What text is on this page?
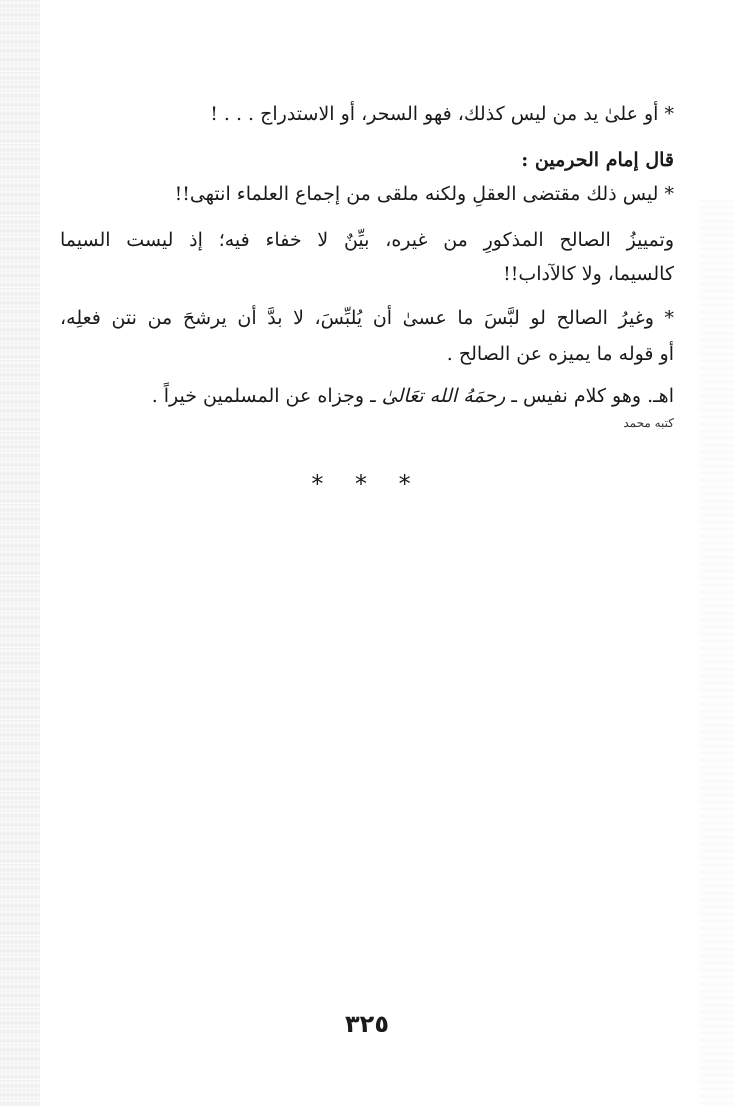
* أو علىٰ يد من ليس كذلك، فهو السحر، أو الاستدراج . . . !
قال إمام الحرمين :
* ليس ذلك مقتضى العقلِ ولكنه ملقى من إجماع العلماء انتهى!!
وتمييزُ الصالح المذكورِ من غيره، بيِّنٌ لا خفاء فيه؛ إذ ليست السيما
كالسيما، ولا كالآداب!!
* وغيرُ الصالح لو لبَّسَ ما عسىٰ أن يُلبِّسَ، لا بدَّ أن يرشحَ من نتن فعلِه،
أو قوله ما يميزه عن الصالح .
اهـ. وهو كلام نفيس ـ رحمَهُ الله تعَالىٰ ـ وجزاه عن المسلمين خيراً .
كتبه محمد
* * *
٣٢٥
